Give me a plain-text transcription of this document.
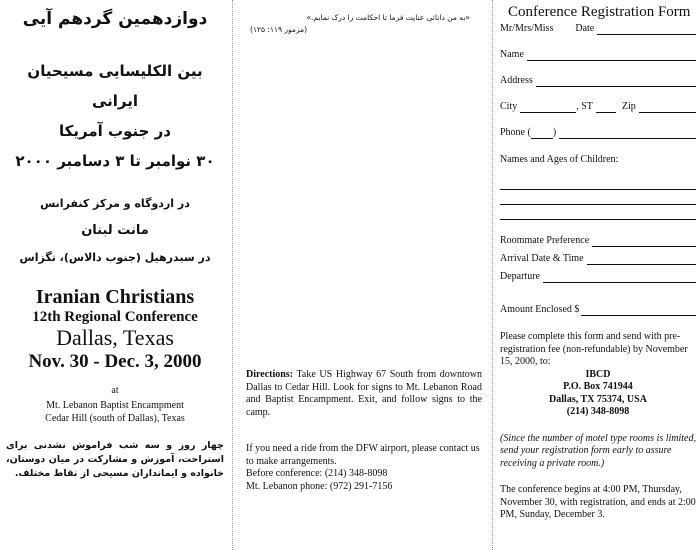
دوازدهمین گردهم آیی
بین الکلیسایی مسیحیان ایرانی
در جنوب آمریکا
۳۰ نوامبر تا ۳ دسامبر ۲۰۰۰
در اردوگاه و مرکز کنفرانس
مانت لبنان
در سیدرهیل (جنوب دالاس)، تگزاس
Iranian Christians
12th Regional Conference
Dallas, Texas
Nov. 30 - Dec. 3, 2000
at
Mt. Lebanon Baptist Encampment
Cedar Hill (south of Dallas), Texas
چهار روز و سه شب فراموش نشدنی برای استراحت، آموزش و مشارکت در میان دوستان، خانواده و ایمانداران مسیحی از نقاط مختلف.
«به من دانائی عنایت فرما تا احکامت را درک نمایم.»
(مزمور ۱۱۹: ۱۲۵)
Directions: Take US Highway 67 South from downtown Dallas to Cedar Hill. Look for signs to Mt. Lebanon Road and Baptist Encampment. Exit, and follow signs to the camp.
If you need a ride from the DFW airport, please contact us to make arrangements.
Before conference: (214) 348-8098
Mt. Lebanon phone: (972) 291-7156
Conference Registration Form
Mr/Mrs/Miss Date
Name
Address
City	, ST	Zip
Phone ( )
Names and Ages of Children:
Roommate Preference
Arrival Date & Time
Departure
Amount Enclosed $
Please complete this form and send with pre-registration fee (non-refundable) by November 15, 2000, to:
IBCD
P.O. Box 741944
Dallas, TX 75374, USA
(214) 348-8098
(Since the number of motel type rooms is limited, send your registration form early to assure receiving a private room.)
The conference begins at 4:00 PM, Thursday, November 30, with registration, and ends at 2:00 PM, Sunday, December 3.
